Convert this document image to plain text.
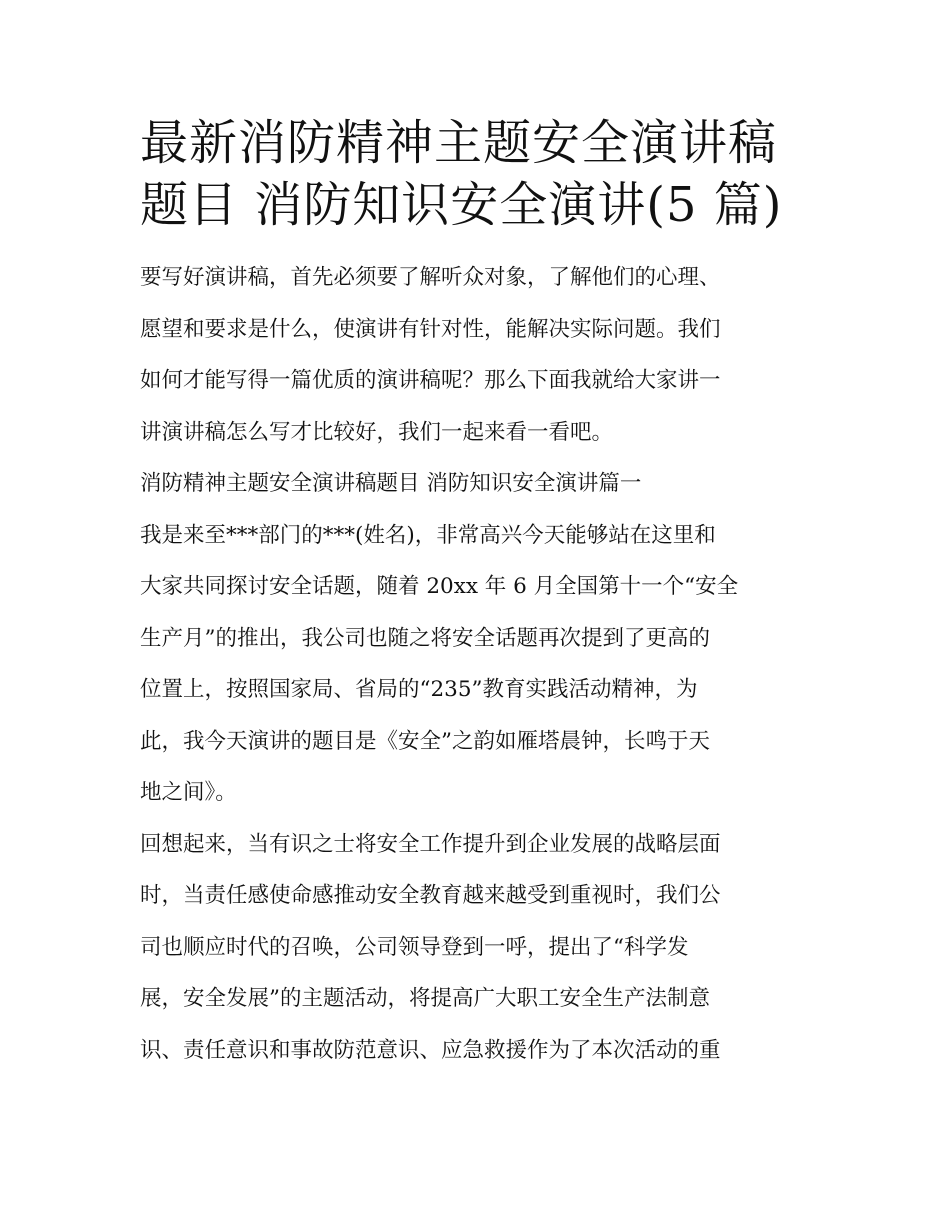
最新消防精神主题安全演讲稿
题目 消防知识安全演讲(5 篇)
要写好演讲稿，首先必须要了解听众对象，了解他们的心理、
愿望和要求是什么，使演讲有针对性，能解决实际问题。我们
如何才能写得一篇优质的演讲稿呢？那么下面我就给大家讲一
讲演讲稿怎么写才比较好，我们一起来看一看吧。
消防精神主题安全演讲稿题目 消防知识安全演讲篇一
我是来至***部门的***(姓名)，非常高兴今天能够站在这里和
大家共同探讨安全话题，随着 20xx 年 6 月全国第十一个“安全
生产月”的推出，我公司也随之将安全话题再次提到了更高的
位置上，按照国家局、省局的“235”教育实践活动精神，为
此，我今天演讲的题目是《安全”之韵如雁塔晨钟，长鸣于天
地之间》。
回想起来，当有识之士将安全工作提升到企业发展的战略层面
时，当责任感使命感推动安全教育越来越受到重视时，我们公
司也顺应时代的召唤，公司领导登到一呼，提出了“科学发
展，安全发展”的主题活动，将提高广大职工安全生产法制意
识、责任意识和事故防范意识、应急救援作为了本次活动的重
